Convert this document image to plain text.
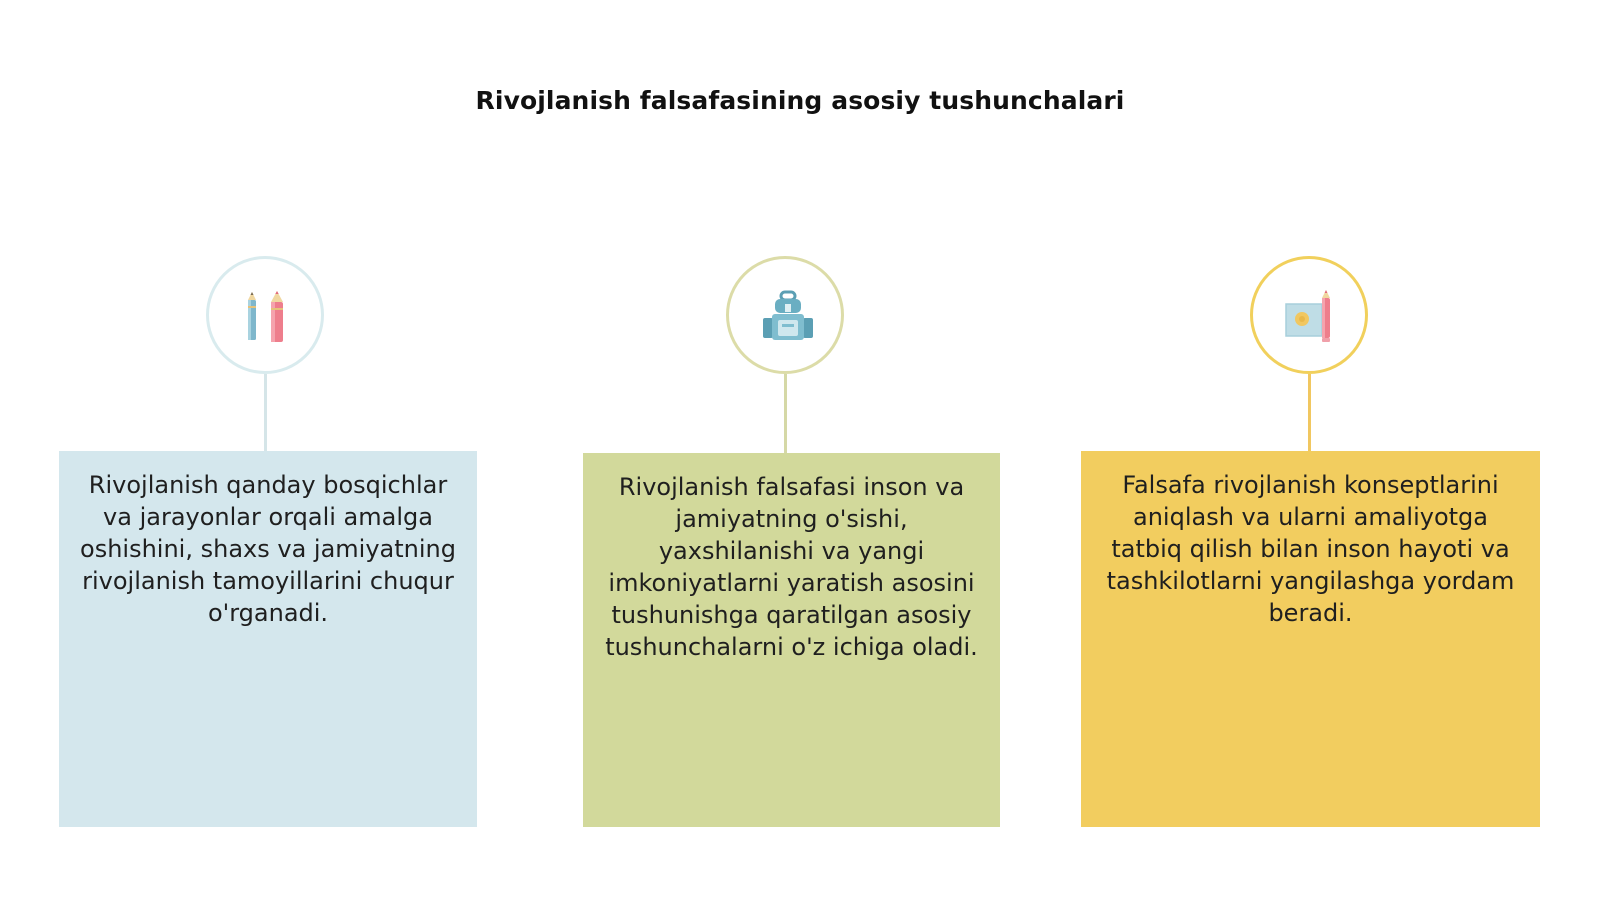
Rivojlanish falsafasining asosiy tushunchalari
Rivojlanish qanday bosqichlar va jarayonlar orqali amalga oshishini, shaxs va jamiyatning rivojlanish tamoyillarini chuqur o'rganadi.
Rivojlanish falsafasi inson va jamiyatning o'sishi, yaxshilanishi va yangi imkoniyatlarni yaratish asosini tushunishga qaratilgan asosiy tushunchalarni o'z ichiga oladi.
Falsafa rivojlanish konseptlarini aniqlash va ularni amaliyotga tatbiq qilish bilan inson hayoti va tashkilotlarni yangilashga yordam beradi.
